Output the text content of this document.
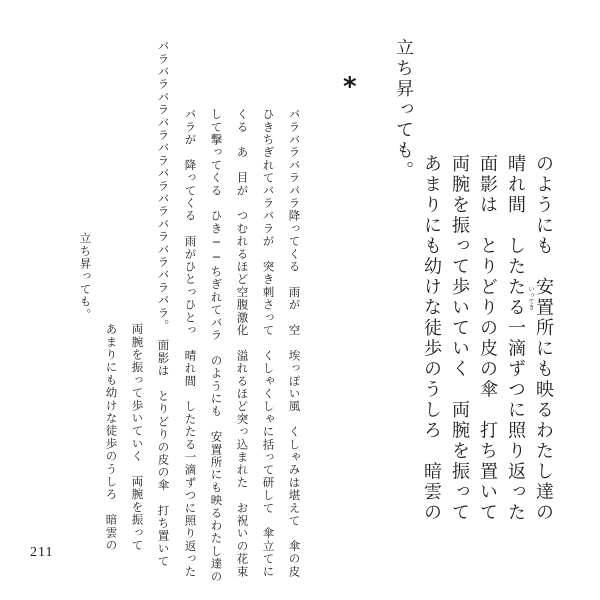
のようにも　安置所にも映るわたし達の
晴れ間　したたる一滴ずつに照り返った いってき
面影は　とりどりの皮の傘　打ち置いて
両腕を振って歩いていく　両腕を振って
あまりにも幼けな徒歩のうしろ　暗雲の
立ち昇っても。
*
バラバラバラバラ降ってくる　雨が　空　埃っぽい風　くしゃみは堪えて　傘の皮
ひきちぎれてバラバラが　突き刺さって　くしゃくしゃに括って研して　傘立てに
くる　あ　目が　つむれるほど空腹激化　溢れるほど突っ込まれた　お祝いの花束
して撃ってくる　ひき──ちぎれてバラ　のようにも　安置所にも映るわたし達の
バラが　降ってくる　雨がひとっひとっ　晴れ間　したたる一滴ずつに照り返った
バラバラバラバラバラバラバラバラバラバラバラ。　面影は　とりどりの皮の傘　打ち置いて
両腕を振って歩いていく　両腕を振って
あまりにも幼けな徒歩のうしろ　暗雲の
立ち昇っても。
211
